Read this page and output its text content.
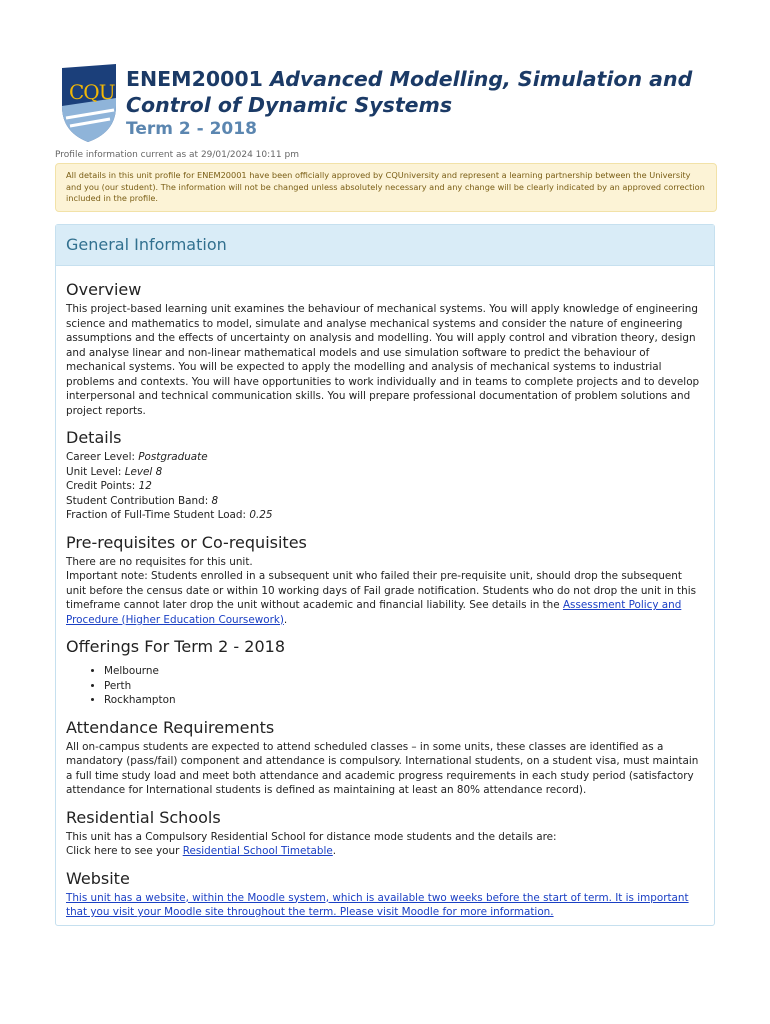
CQU
ENEM20001 Advanced Modelling, Simulation and Control of Dynamic Systems
Term 2 - 2018
Profile information current as at 29/01/2024 10:11 pm
All details in this unit profile for ENEM20001 have been officially approved by CQUniversity and represent a learning partnership between the University and you (our student). The information will not be changed unless absolutely necessary and any change will be clearly indicated by an approved correction included in the profile.
General Information
Overview

This project-based learning unit examines the behaviour of mechanical systems. You will apply knowledge of engineering science and mathematics to model, simulate and analyse mechanical systems and consider the nature of engineering assumptions and the effects of uncertainty on analysis and modelling. You will apply control and vibration theory, design and analyse linear and non-linear mathematical models and use simulation software to predict the behaviour of mechanical systems. You will be expected to apply the modelling and analysis of mechanical systems to industrial problems and contexts. You will have opportunities to work individually and in teams to complete projects and to develop interpersonal and technical communication skills. You will prepare professional documentation of problem solutions and project reports.

Details
Career Level: Postgraduate
Unit Level: Level 8
Credit Points: 12
Student Contribution Band: 8
Fraction of Full-Time Student Load: 0.25
Pre-requisites or Co-requisites

There are no requisites for this unit.

Important note: Students enrolled in a subsequent unit who failed their pre-requisite unit, should drop the subsequent unit before the census date or within 10 working days of Fail grade notification. Students who do not drop the unit in this timeframe cannot later drop the unit without academic and financial liability. See details in the Assessment Policy and Procedure (Higher Education Coursework).

Offerings For Term 2 - 2018
• Melbourne
• Perth
• Rockhampton
Attendance Requirements

All on-campus students are expected to attend scheduled classes – in some units, these classes are identified as a mandatory (pass/fail) component and attendance is compulsory. International students, on a student visa, must maintain a full time study load and meet both attendance and academic progress requirements in each study period (satisfactory attendance for International students is defined as maintaining at least an 80% attendance record).

Residential Schools

This unit has a Compulsory Residential School for distance mode students and the details are:

Click here to see your Residential School Timetable.

Website

This unit has a website, within the Moodle system, which is available two weeks before the start of term. It is important that you visit your Moodle site throughout the term. Please visit Moodle for more information.
